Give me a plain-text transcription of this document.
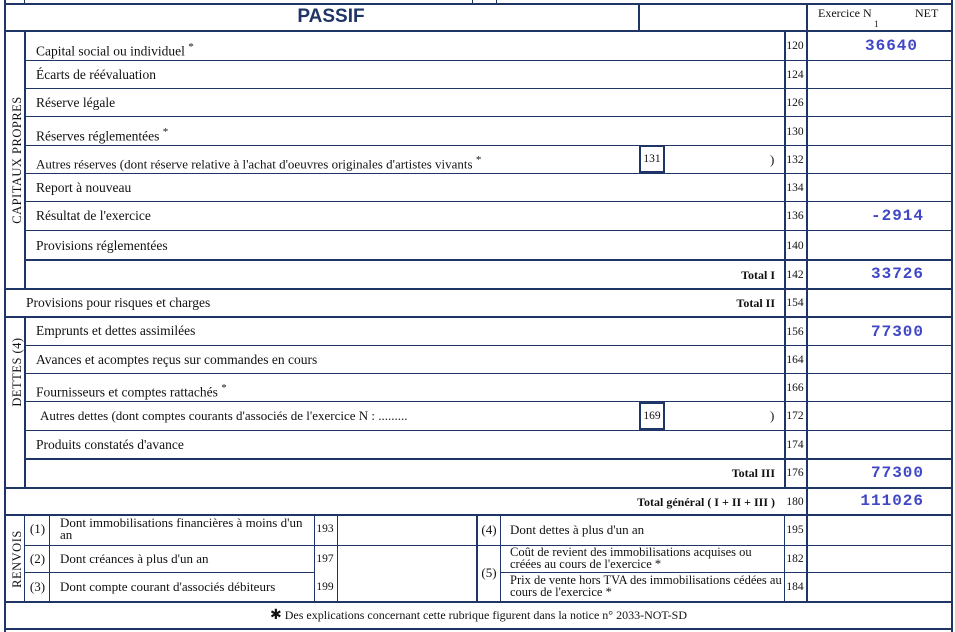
PASSIF	Exercice N
1
NET
CAPITAUX PROPRES
DETTES (4)
RENVOIS
Capital social ou individuel *	120	36640
Écarts de réévaluation	124
Réserve légale	126
Réserves réglementées *	130
Autres réserves (dont réserve relative à l'achat d'oeuvres originales d'artistes vivants *	131	) 132
Report à nouveau	134
Résultat de l'exercice	136	-2914
Provisions réglementées	140
Total I 142	33726
Provisions pour risques et charges	Total II 154
Emprunts et dettes assimilées	156	77300
Avances et acomptes reçus sur commandes en cours	164
Fournisseurs et comptes rattachés *	166
Autres dettes (dont comptes courants d'associés de l'exercice N : .........	169	) 172
Produits constatés d'avance	174
Total III 176	77300
Total général ( I + II + III ) 180	111026
(1)	Dont immobilisations financières à moins d'un an	193
(2)	Dont créances à plus d'un an	197
(3)	Dont compte courant d'associés débiteurs	199
(4) Dont dettes à plus d'un an	195
(5)
Coût de revient des immobilisations acquises ou créées au cours de l'exercice *	182
Prix de vente hors TVA des immobilisations cédées au cours de l'exercice *	184
✱ Des explications concernant cette rubrique figurent dans la notice n° 2033-NOT-SD
